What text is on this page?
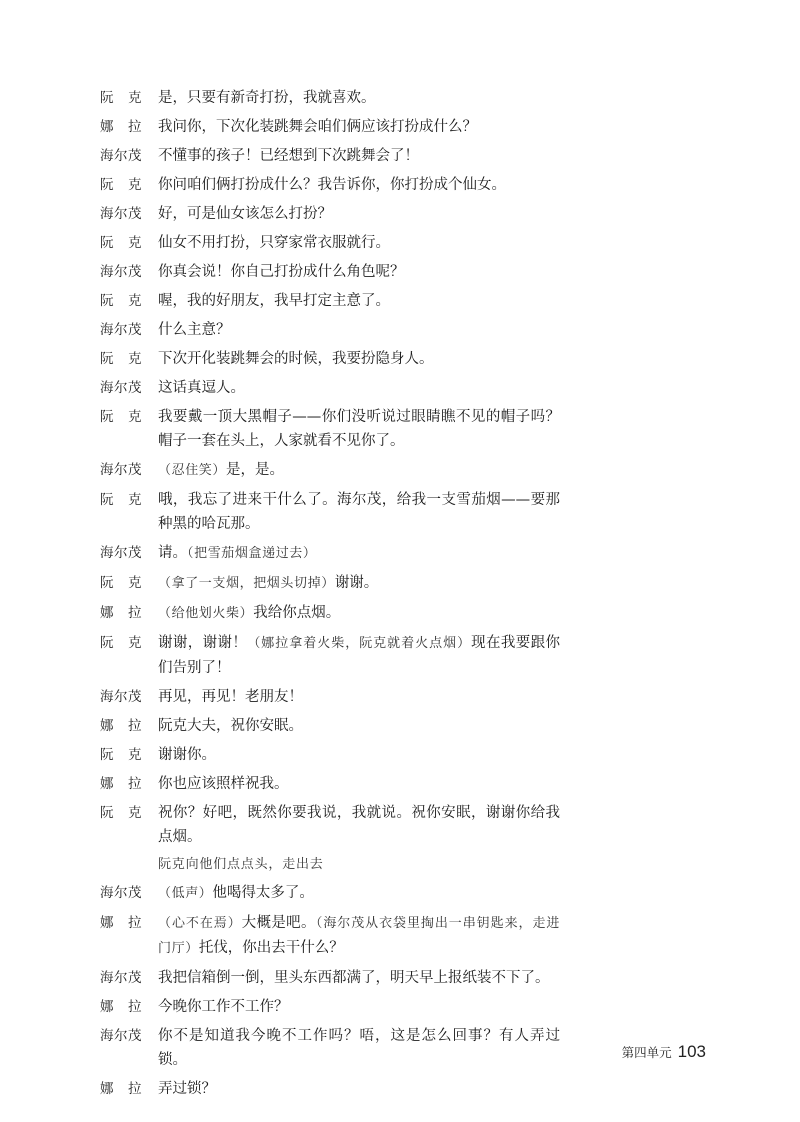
阮　克	是，只要有新奇打扮，我就喜欢。
娜　拉	我问你，下次化装跳舞会咱们俩应该打扮成什么？
海尔茂	不懂事的孩子！已经想到下次跳舞会了！
阮　克	你问咱们俩打扮成什么？我告诉你，你打扮成个仙女。
海尔茂	好，可是仙女该怎么打扮？
阮　克	仙女不用打扮，只穿家常衣服就行。
海尔茂	你真会说！你自己打扮成什么角色呢？
阮　克	喔，我的好朋友，我早打定主意了。
海尔茂	什么主意？
阮　克	下次开化装跳舞会的时候，我要扮隐身人。
海尔茂	这话真逗人。
阮　克	我要戴一顶大黑帽子——你们没听说过眼睛瞧不见的帽子吗？帽子一套在头上，人家就看不见你了。
海尔茂	（忍住笑）是，是。
阮　克	哦，我忘了进来干什么了。海尔茂，给我一支雪茄烟——要那种黑的哈瓦那。
海尔茂	请。（把雪茄烟盒递过去）
阮　克	（拿了一支烟，把烟头切掉）谢谢。
娜　拉	（给他划火柴）我给你点烟。
阮　克	谢谢，谢谢！（娜拉拿着火柴，阮克就着火点烟）现在我要跟你们告别了！
海尔茂	再见，再见！老朋友！
娜　拉	阮克大夫，祝你安眠。
阮　克	谢谢你。
娜　拉	你也应该照样祝我。
阮　克	祝你？好吧，既然你要我说，我就说。祝你安眠，谢谢你给我点烟。
阮克向他们点点头，走出去
海尔茂	（低声）他喝得太多了。
娜　拉	（心不在焉）大概是吧。（海尔茂从衣袋里掏出一串钥匙来，走进门厅）托伐，你出去干什么？
海尔茂	我把信箱倒一倒，里头东西都满了，明天早上报纸装不下了。
娜　拉	今晚你工作不工作？
海尔茂	你不是知道我今晚不工作吗？唔，这是怎么回事？有人弄过锁。
娜　拉	弄过锁？
第四单元 103
